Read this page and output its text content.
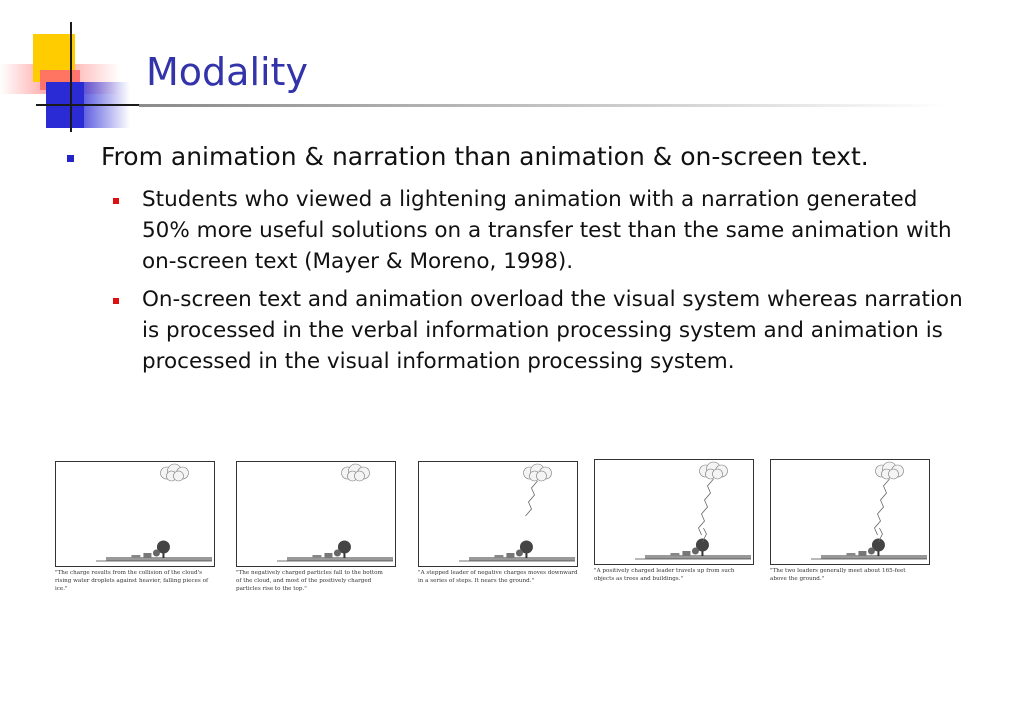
Modality
From animation & narration than animation & on-screen text.
Students who viewed a lightening animation with a narration generated 50% more useful solutions on a transfer test than the same animation with on-screen text (Mayer & Moreno, 1998).
On-screen text and animation overload the visual system whereas narration is processed in the verbal information processing system and animation is processed in the visual information processing system.
"The charge results from the collision of the cloud's rising water droplets against heavier, falling pieces of ice."
"The negatively charged particles fall to the bottom of the cloud, and most of the positively charged particles rise to the top."
"A stepped leader of negative charges moves downward in a series of steps. It nears the ground."
"A positively charged leader travels up from such objects as trees and buildings."
"The two leaders generally meet about 165-feet above the ground."
